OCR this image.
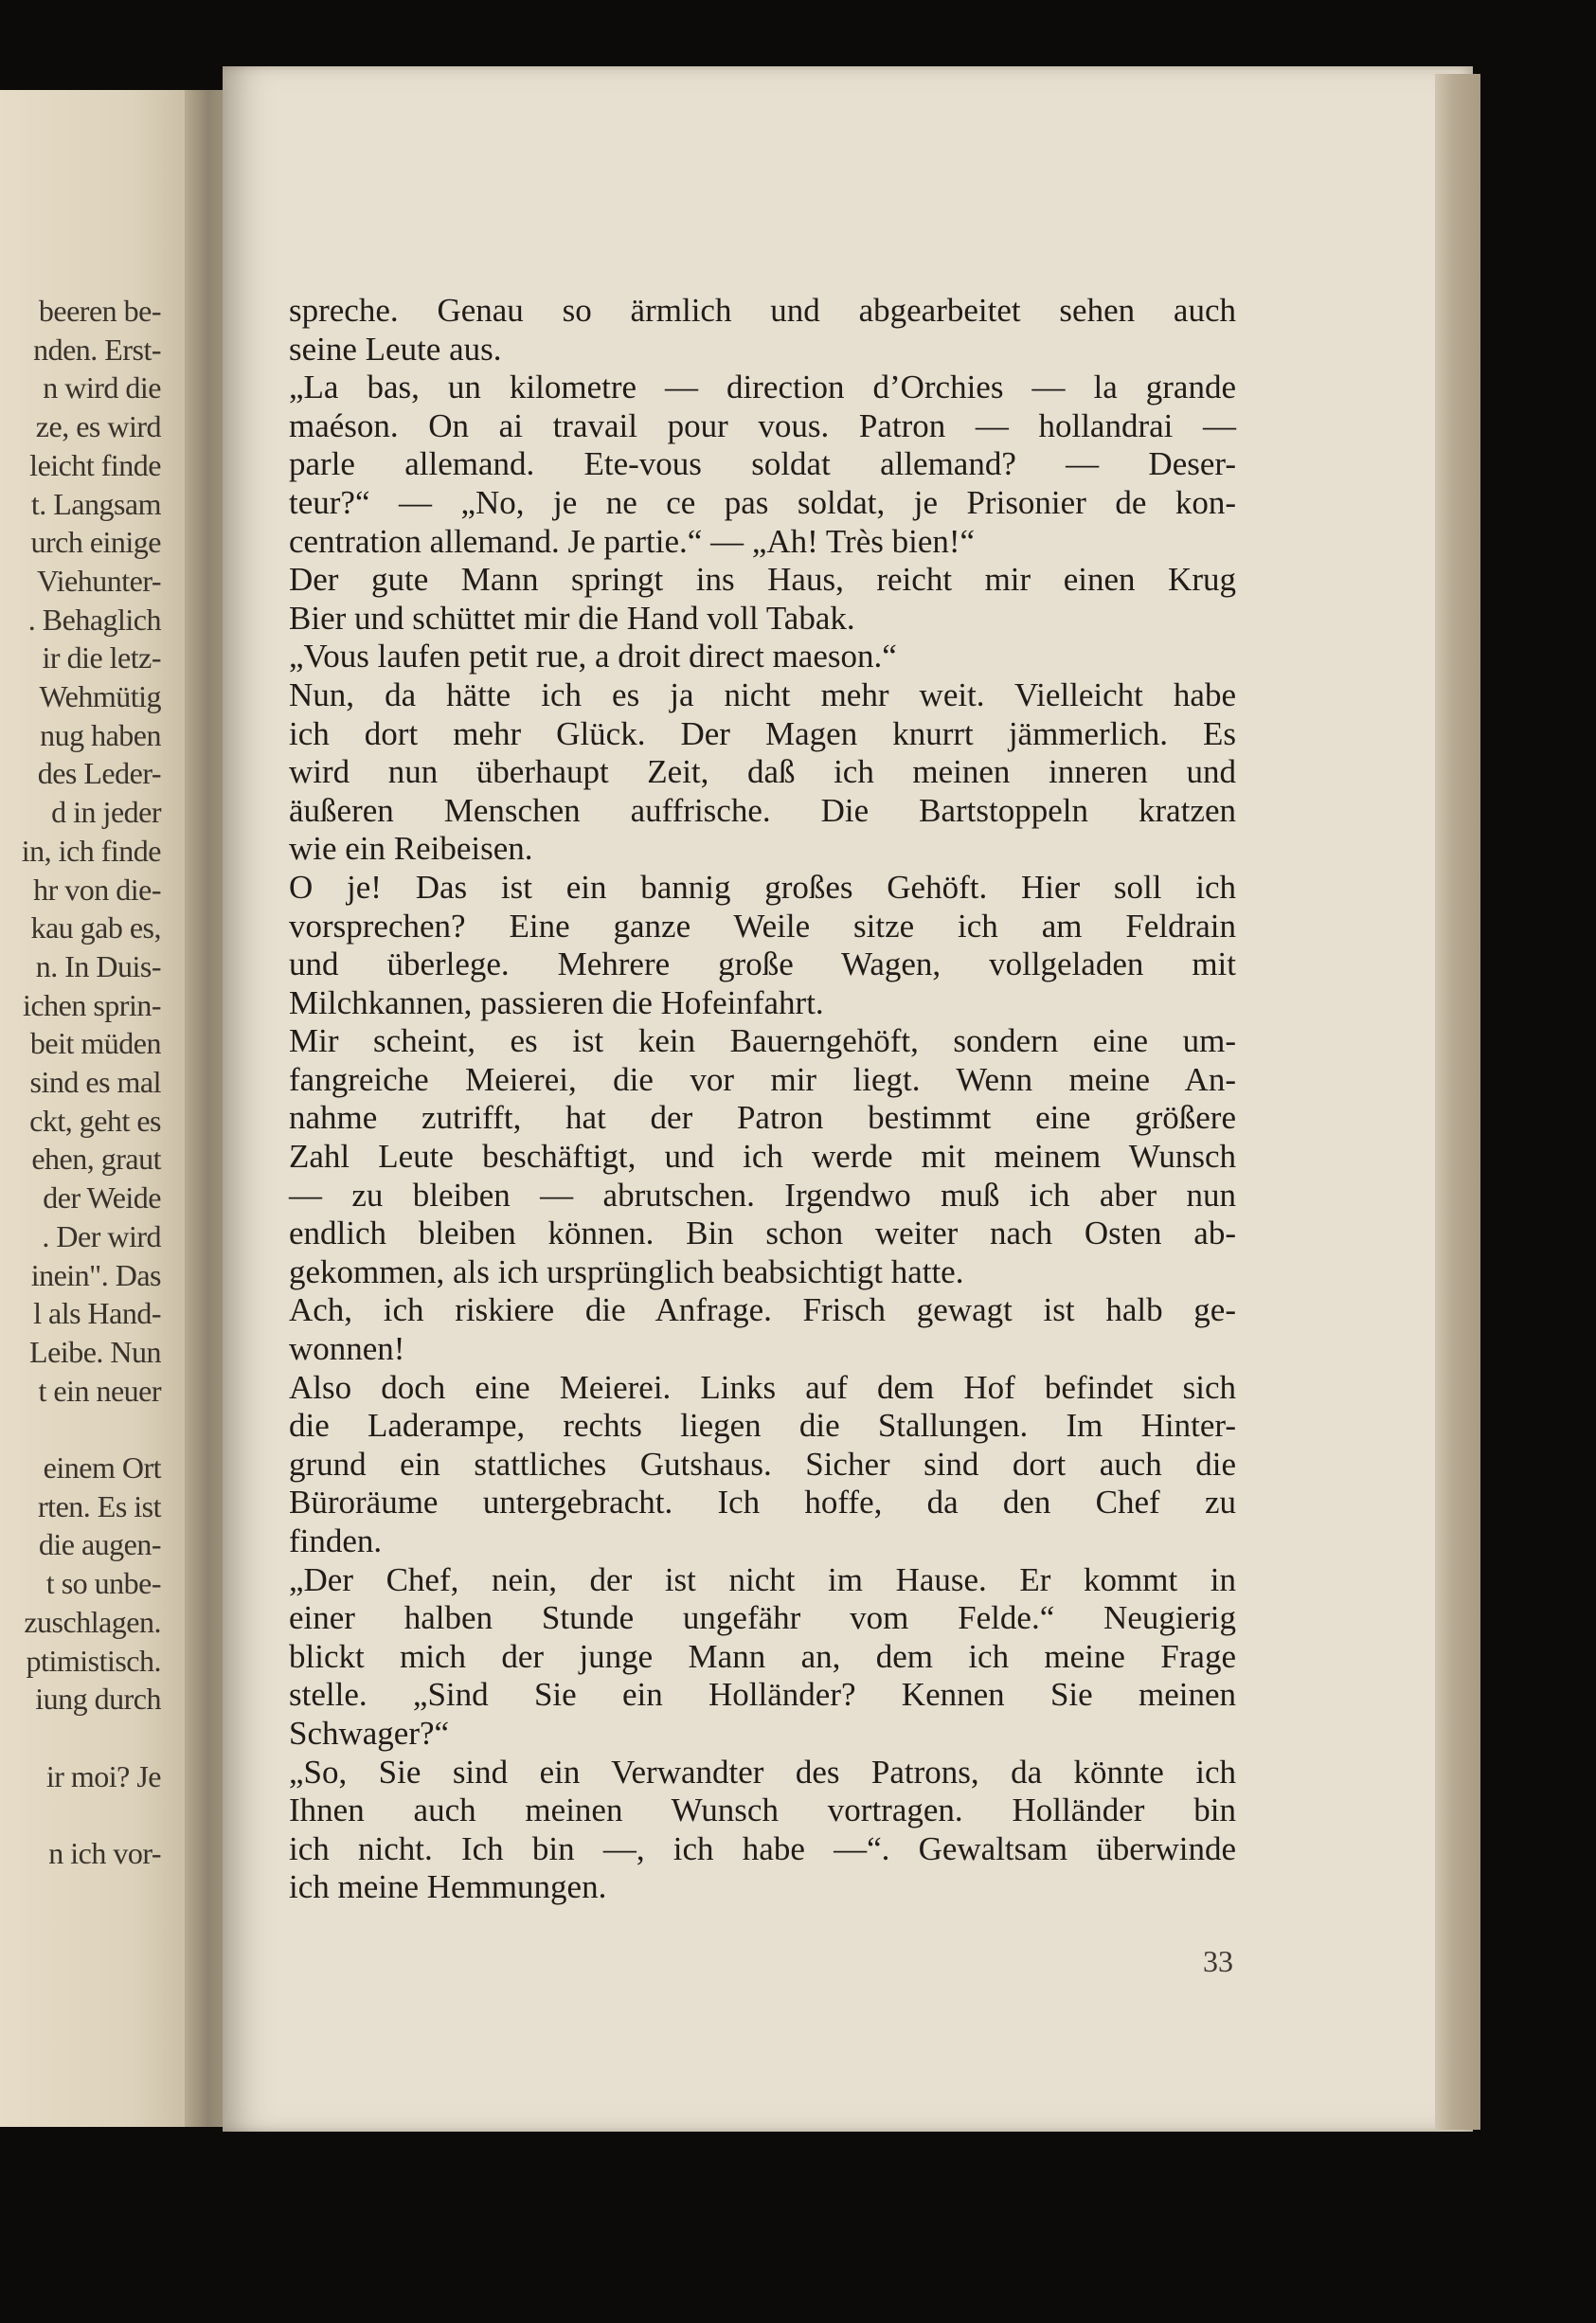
beeren be-
nden. Erst-
n wird die
ze, es wird
leicht finde
t. Langsam
urch einige
Viehunter-
. Behaglich
ir die letz-
Wehmütig
nug haben
des Leder-
d in jeder
in, ich finde
hr von die-
kau gab es,
n. In Duis-
ichen sprin-
beit müden
sind es mal
ckt, geht es
ehen, graut
der Weide
. Der wird
inein". Das
l als Hand-
Leibe. Nun
t ein neuer
einem Ort
rten. Es ist
die augen-
t so unbe-
zuschlagen.
ptimistisch.
iung durch
ir moi? Je
n ich vor-
spreche. Genau so ärmlich und abgearbeitet sehen auch
seine Leute aus.
„La bas, un kilometre — direction d’Orchies — la grande
maéson. On ai travail pour vous. Patron — hollandrai —
parle allemand. Ete-vous soldat allemand? — Deser-
teur?“ — „No, je ne ce pas soldat, je Prisonier de kon-
centration allemand. Je partie.“ — „Ah! Très bien!“
Der gute Mann springt ins Haus, reicht mir einen Krug
Bier und schüttet mir die Hand voll Tabak.
„Vous laufen petit rue, a droit direct maeson.“
Nun, da hätte ich es ja nicht mehr weit. Vielleicht habe
ich dort mehr Glück. Der Magen knurrt jämmerlich. Es
wird nun überhaupt Zeit, daß ich meinen inneren und
äußeren Menschen auffrische. Die Bartstoppeln kratzen
wie ein Reibeisen.
O je! Das ist ein bannig großes Gehöft. Hier soll ich
vorsprechen? Eine ganze Weile sitze ich am Feldrain
und überlege. Mehrere große Wagen, vollgeladen mit
Milchkannen, passieren die Hofeinfahrt.
Mir scheint, es ist kein Bauerngehöft, sondern eine um-
fangreiche Meierei, die vor mir liegt. Wenn meine An-
nahme zutrifft, hat der Patron bestimmt eine größere
Zahl Leute beschäftigt, und ich werde mit meinem Wunsch
— zu bleiben — abrutschen. Irgendwo muß ich aber nun
endlich bleiben können. Bin schon weiter nach Osten ab-
gekommen, als ich ursprünglich beabsichtigt hatte.
Ach, ich riskiere die Anfrage. Frisch gewagt ist halb ge-
wonnen!
Also doch eine Meierei. Links auf dem Hof befindet sich
die Laderampe, rechts liegen die Stallungen. Im Hinter-
grund ein stattliches Gutshaus. Sicher sind dort auch die
Büroräume untergebracht. Ich hoffe, da den Chef zu
finden.
„Der Chef, nein, der ist nicht im Hause. Er kommt in
einer halben Stunde ungefähr vom Felde.“ Neugierig
blickt mich der junge Mann an, dem ich meine Frage
stelle. „Sind Sie ein Holländer? Kennen Sie meinen
Schwager?“
„So, Sie sind ein Verwandter des Patrons, da könnte ich
Ihnen auch meinen Wunsch vortragen. Holländer bin
ich nicht. Ich bin —, ich habe —“. Gewaltsam überwinde
ich meine Hemmungen.
33
